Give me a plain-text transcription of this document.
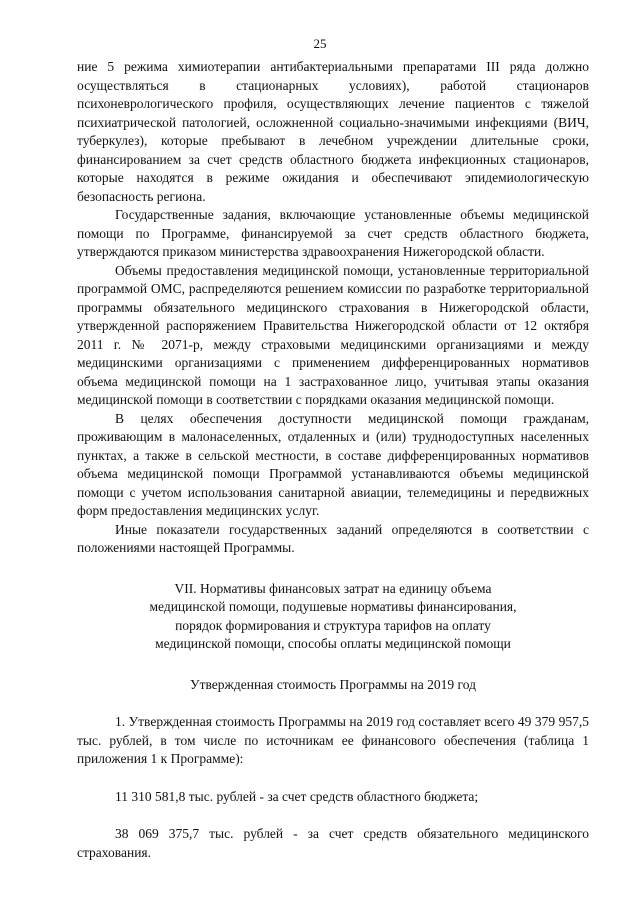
25

ние 5 режима химиотерапии антибактериальными препаратами III ряда должно осуществляться в стационарных условиях), работой стационаров психоневрологического профиля, осуществляющих лечение пациентов с тяжелой психиатрической патологией, осложненной социально-значимыми инфекциями (ВИЧ, туберкулез), которые пребывают в лечебном учреждении длительные сроки, финансированием за счет средств областного бюджета инфекционных стационаров, которые находятся в режиме ожидания и обеспечивают эпидемиологическую безопасность региона.

Государственные задания, включающие установленные объемы медицинской помощи по Программе, финансируемой за счет средств областного бюджета, утверждаются приказом министерства здравоохранения Нижегородской области.

Объемы предоставления медицинской помощи, установленные территориальной программой ОМС, распределяются решением комиссии по разработке территориальной программы обязательного медицинского страхования в Нижегородской области, утвержденной распоряжением Правительства Нижегородской области от 12 октября 2011 г. № 2071-р, между страховыми медицинскими организациями и между медицинскими организациями с применением дифференцированных нормативов объема медицинской помощи на 1 застрахованное лицо, учитывая этапы оказания медицинской помощи в соответствии с порядками оказания медицинской помощи.

В целях обеспечения доступности медицинской помощи гражданам, проживающим в малонаселенных, отдаленных и (или) труднодоступных населенных пунктах, а также в сельской местности, в составе дифференцированных нормативов объема медицинской помощи Программой устанавливаются объемы медицинской помощи с учетом использования санитарной авиации, телемедицины и передвижных форм предоставления медицинских услуг.

Иные показатели государственных заданий определяются в соответствии с положениями настоящей Программы.

VII. Нормативы финансовых затрат на единицу объема
медицинской помощи, подушевые нормативы финансирования,
порядок формирования и структура тарифов на оплату
медицинской помощи, способы оплаты медицинской помощи
Утвержденная стоимость Программы на 2019 год

1. Утвержденная стоимость Программы на 2019 год составляет всего 49 379 957,5 тыс. рублей, в том числе по источникам ее финансового обеспечения (таблица 1 приложения 1 к Программе):

11 310 581,8 тыс. рублей - за счет средств областного бюджета;

38 069 375,7 тыс. рублей - за счет средств обязательного медицинского страхования.
